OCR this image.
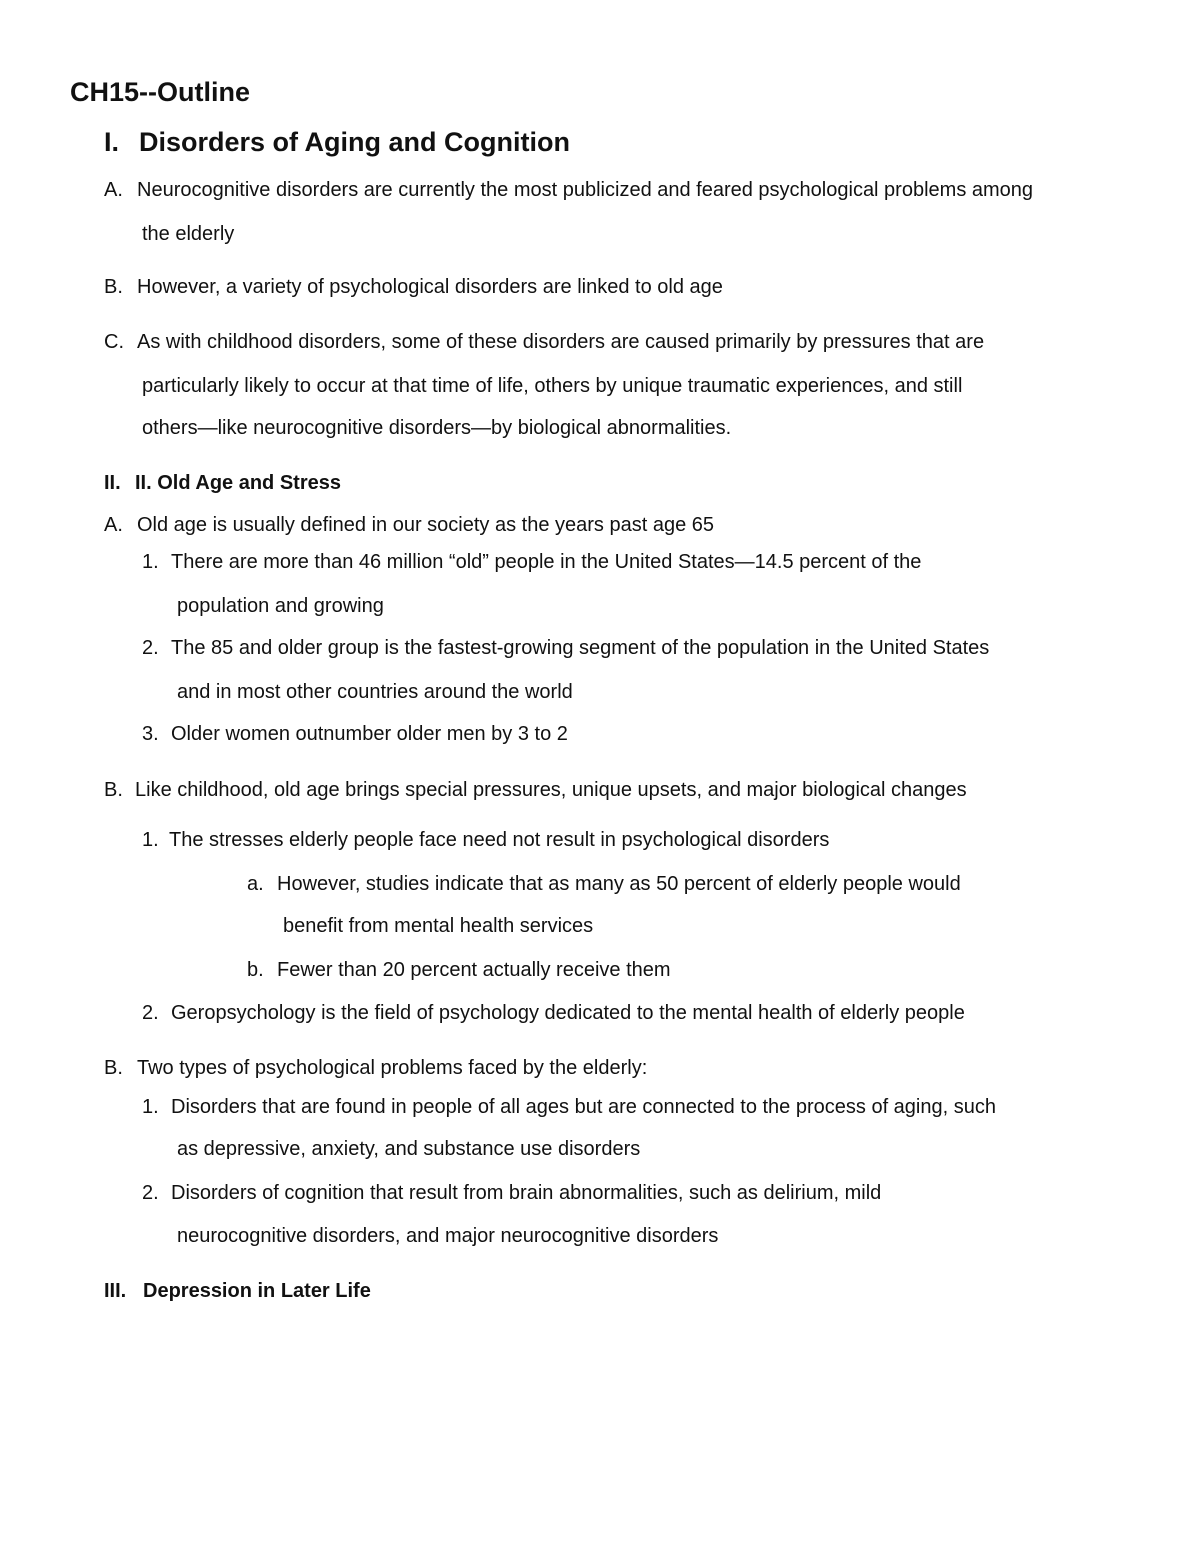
CH15--Outline
I. Disorders of Aging and Cognition
A. Neurocognitive disorders are currently the most publicized and feared psychological problems among
the elderly
B. However, a variety of psychological disorders are linked to old age
C. As with childhood disorders, some of these disorders are caused primarily by pressures that are
particularly likely to occur at that time of life, others by unique traumatic experiences, and still
others—like neurocognitive disorders—by biological abnormalities.
II. II. Old Age and Stress
A. Old age is usually defined in our society as the years past age 65
1. There are more than 46 million “old” people in the United States—14.5 percent of the
population and growing
2. The 85 and older group is the fastest-growing segment of the population in the United States
and in most other countries around the world
3. Older women outnumber older men by 3 to 2
B. Like childhood, old age brings special pressures, unique upsets, and major biological changes
1. The stresses elderly people face need not result in psychological disorders
a. However, studies indicate that as many as 50 percent of elderly people would
benefit from mental health services
b. Fewer than 20 percent actually receive them
2. Geropsychology is the field of psychology dedicated to the mental health of elderly people
B. Two types of psychological problems faced by the elderly:
1. Disorders that are found in people of all ages but are connected to the process of aging, such
as depressive, anxiety, and substance use disorders
2. Disorders of cognition that result from brain abnormalities, such as delirium, mild
neurocognitive disorders, and major neurocognitive disorders
III. Depression in Later Life
